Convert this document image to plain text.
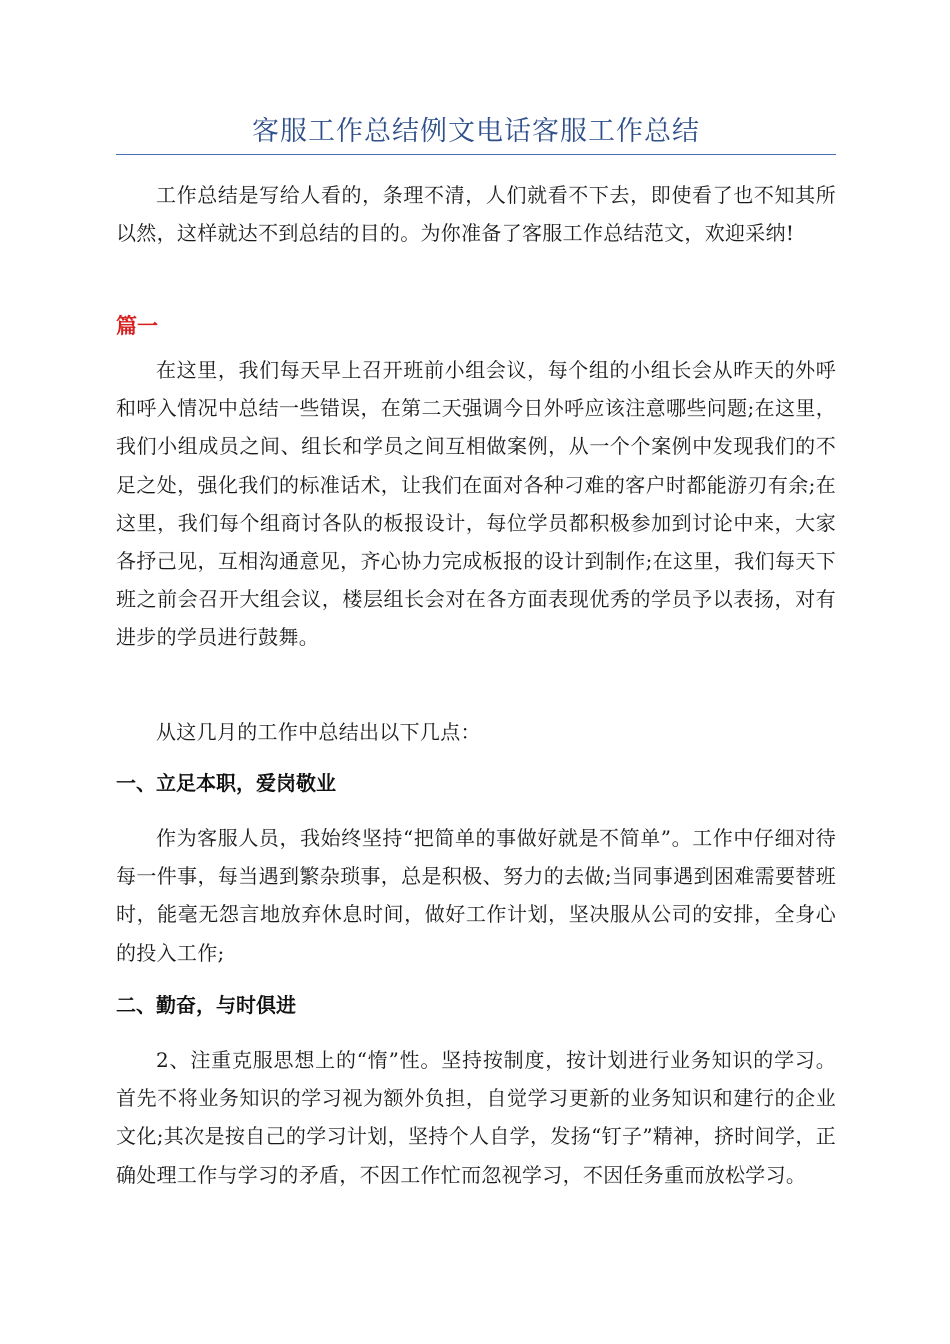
客服工作总结例文电话客服工作总结

工作总结是写给人看的，条理不清，人们就看不下去，即使看了也不知其所以然，这样就达不到总结的目的。为你准备了客服工作总结范文，欢迎采纳!

篇一

在这里，我们每天早上召开班前小组会议，每个组的小组长会从昨天的外呼和呼入情况中总结一些错误，在第二天强调今日外呼应该注意哪些问题;在这里，我们小组成员之间、组长和学员之间互相做案例，从一个个案例中发现我们的不足之处，强化我们的标准话术，让我们在面对各种刁难的客户时都能游刃有余;在这里，我们每个组商讨各队的板报设计，每位学员都积极参加到讨论中来，大家各抒己见，互相沟通意见，齐心协力完成板报的设计到制作;在这里，我们每天下班之前会召开大组会议，楼层组长会对在各方面表现优秀的学员予以表扬，对有进步的学员进行鼓舞。

从这几月的工作中总结出以下几点：

一、立足本职，爱岗敬业

作为客服人员，我始终坚持“把简单的事做好就是不简单”。工作中仔细对待每一件事，每当遇到繁杂琐事，总是积极、努力的去做;当同事遇到困难需要替班时，能毫无怨言地放弃休息时间，做好工作计划，坚决服从公司的安排，全身心的投入工作;

二、勤奋，与时俱进

2、注重克服思想上的“惰”性。坚持按制度，按计划进行业务知识的学习。首先不将业务知识的学习视为额外负担，自觉学习更新的业务知识和建行的企业文化;其次是按自己的学习计划，坚持个人自学，发扬“钉子”精神，挤时间学，正确处理工作与学习的矛盾，不因工作忙而忽视学习，不因任务重而放松学习。
